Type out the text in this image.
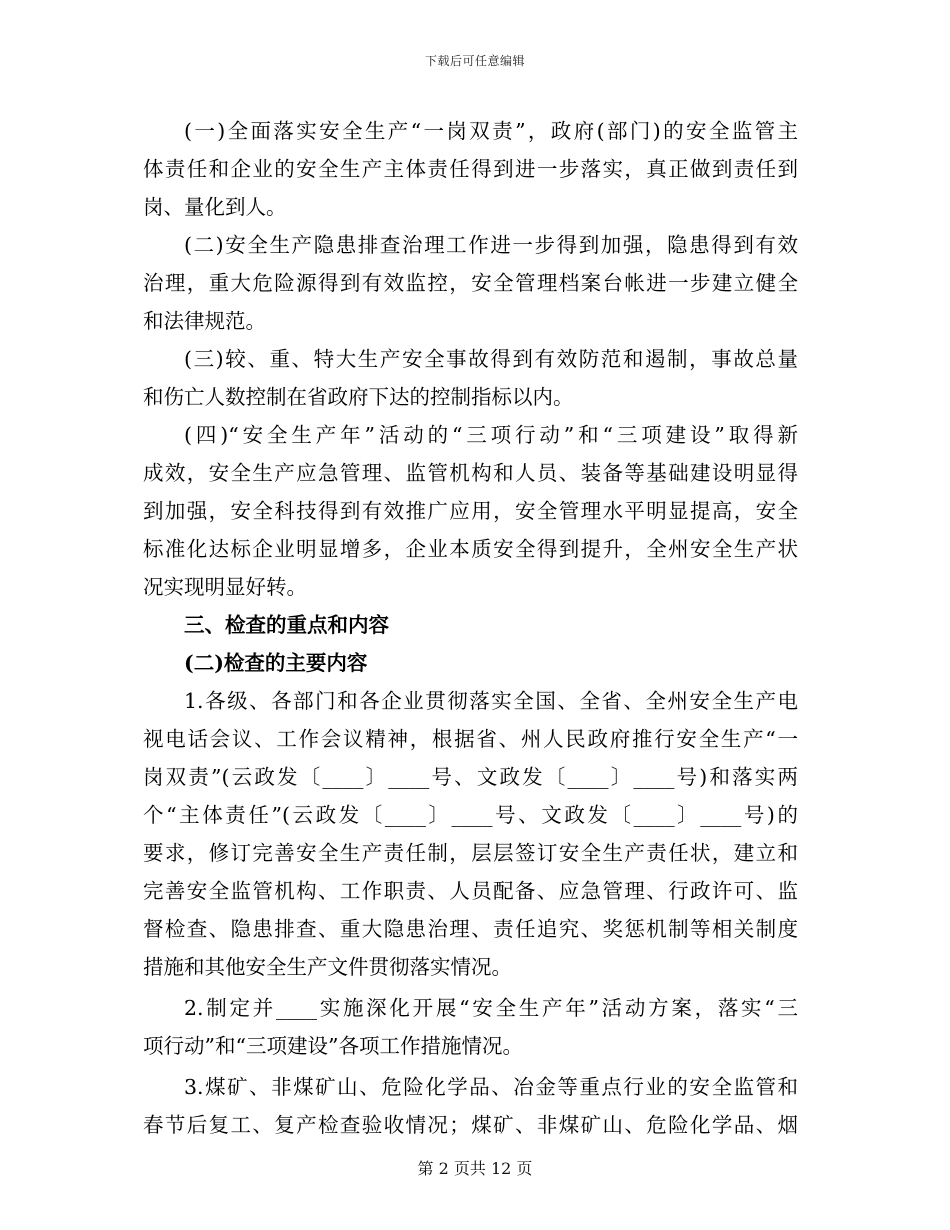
下载后可任意编辑
(一)全面落实安全生产“一岗双责”，政府(部门)的安全监管主
体责任和企业的安全生产主体责任得到进一步落实，真正做到责任到
岗、量化到人。
(二)安全生产隐患排查治理工作进一步得到加强，隐患得到有效
治理，重大危险源得到有效监控，安全管理档案台帐进一步建立健全
和法律规范。
(三)较、重、特大生产安全事故得到有效防范和遏制，事故总量
和伤亡人数控制在省政府下达的控制指标以内。
(四)“安全生产年”活动的“三项行动”和“三项建设”取得新
成效，安全生产应急管理、监管机构和人员、装备等基础建设明显得
到加强，安全科技得到有效推广应用，安全管理水平明显提高，安全
标准化达标企业明显增多，企业本质安全得到提升，全州安全生产状
况实现明显好转。
三、检查的重点和内容
(二)检查的主要内容
1.各级、各部门和各企业贯彻落实全国、全省、全州安全生产电
视电话会议、工作会议精神，根据省、州人民政府推行安全生产“一
岗双责”(云政发〔____〕____号、文政发〔____〕____号)和落实两
个“主体责任”(云政发〔____〕____号、文政发〔____〕____号)的
要求，修订完善安全生产责任制，层层签订安全生产责任状，建立和
完善安全监管机构、工作职责、人员配备、应急管理、行政许可、监
督检查、隐患排查、重大隐患治理、责任追究、奖惩机制等相关制度
措施和其他安全生产文件贯彻落实情况。
2.制定并____实施深化开展“安全生产年”活动方案，落实“三
项行动”和“三项建设”各项工作措施情况。
3.煤矿、非煤矿山、危险化学品、冶金等重点行业的安全监管和
春节后复工、复产检查验收情况；煤矿、非煤矿山、危险化学品、烟
第 2 页共 12 页
